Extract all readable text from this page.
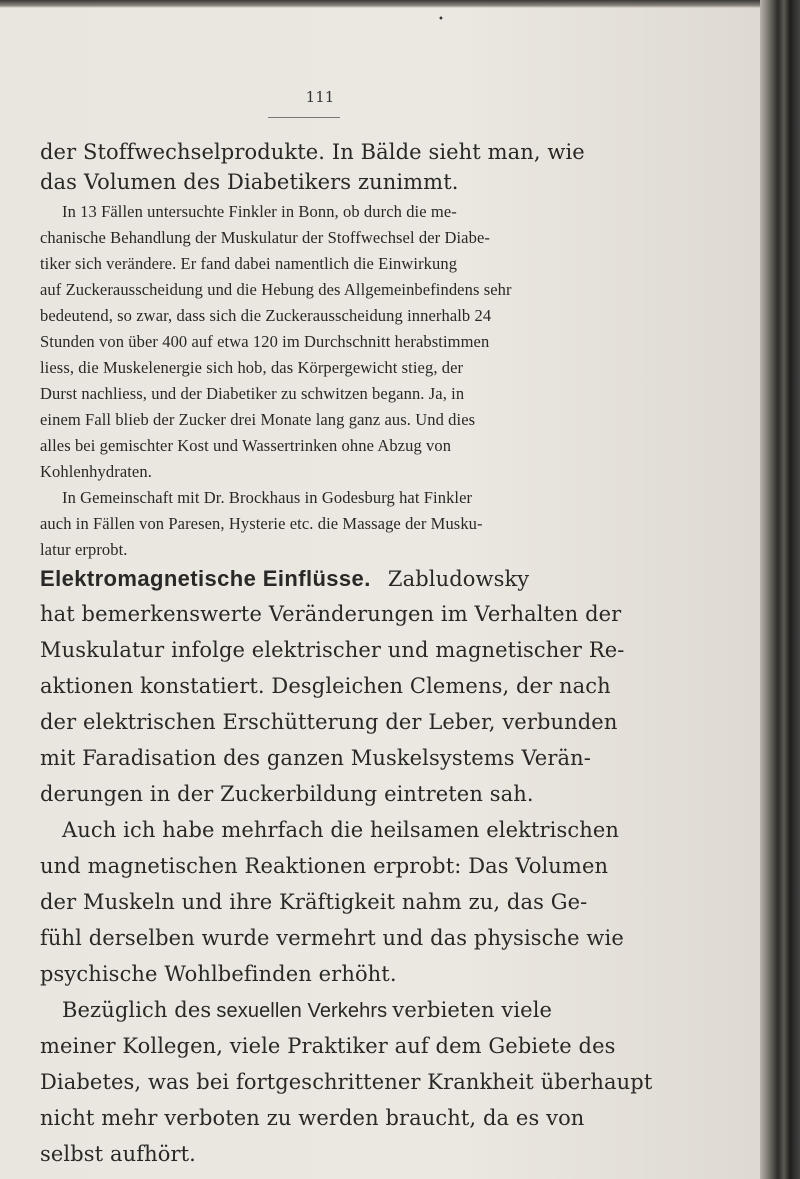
•
111
der Stoffwechselprodukte. In Bälde sieht man, wie
das Volumen des Diabetikers zunimmt.
In 13 Fällen untersuchte Finkler in Bonn, ob durch die me-
chanische Behandlung der Muskulatur der Stoffwechsel der Diabe-
tiker sich verändere. Er fand dabei namentlich die Einwirkung
auf Zuckerausscheidung und die Hebung des Allgemeinbefindens sehr
bedeutend, so zwar, dass sich die Zuckerausscheidung innerhalb 24
Stunden von über 400 auf etwa 120 im Durchschnitt herabstimmen
liess, die Muskelenergie sich hob, das Körpergewicht stieg, der
Durst nachliess, und der Diabetiker zu schwitzen begann. Ja, in
einem Fall blieb der Zucker drei Monate lang ganz aus. Und dies
alles bei gemischter Kost und Wassertrinken ohne Abzug von
Kohlenhydraten.
In Gemeinschaft mit Dr. Brockhaus in Godesburg hat Finkler
auch in Fällen von Paresen, Hysterie etc. die Massage der Musku-
latur erprobt.
Elektromagnetische Einflüsse. Zabludowsky
hat bemerkenswerte Veränderungen im Verhalten der
Muskulatur infolge elektrischer und magnetischer Re-
aktionen konstatiert. Desgleichen Clemens, der nach
der elektrischen Erschütterung der Leber, verbunden
mit Faradisation des ganzen Muskelsystems Verän-
derungen in der Zuckerbildung eintreten sah.
Auch ich habe mehrfach die heilsamen elektrischen
und magnetischen Reaktionen erprobt: Das Volumen
der Muskeln und ihre Kräftigkeit nahm zu, das Ge-
fühl derselben wurde vermehrt und das physische wie
psychische Wohlbefinden erhöht.
Bezüglich des sexuellen Verkehrs verbieten viele
meiner Kollegen, viele Praktiker auf dem Gebiete des
Diabetes, was bei fortgeschrittener Krankheit überhaupt
nicht mehr verboten zu werden braucht, da es von
selbst aufhört.
